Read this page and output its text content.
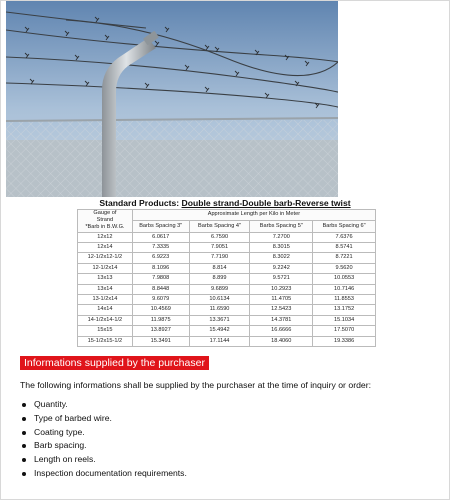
Standard Products: Double strand-Double barb-Reverse twist
Gauge of
Strand
*Barb in B.W.G.	Approximate Length per Kilo in Meter			
	Barbs Spacing 3"	Barbs Spacing 4"	Barbs Spacing 5"	Barbs Spacing 6"
12x12	6.0617	6.7590	7.2700	7.6376
12x14	7.3335	7.9051	8.3015	8.5741
12-1/2x12-1/2	6.9223	7.7190	8.3022	8.7221
12-1/2x14	8.1096	8.814	9.2242	9.5620
13x13	7.9808	8.899	9.5721	10.0553
13x14	8.8448	9.6899	10.2923	10.7146
13-1/2x14	9.6079	10.6134	11.4705	11.8553
14x14	10.4569	11.6590	12.5423	13.1752
14-1/2x14-1/2	11.9875	13.3671	14.3781	15.1034
15x15	13.8927	15.4942	16.6666	17.5070
15-1/2x15-1/2	15.3491	17.1144	18.4060	19.3386
Informations supplied by the purchaser
The following informations shall be supplied by the purchaser at the time of inquiry or order:
Quantity.
Type of barbed wire.
Coating type.
Barb spacing.
Length on reels.
Inspection documentation requirements.
